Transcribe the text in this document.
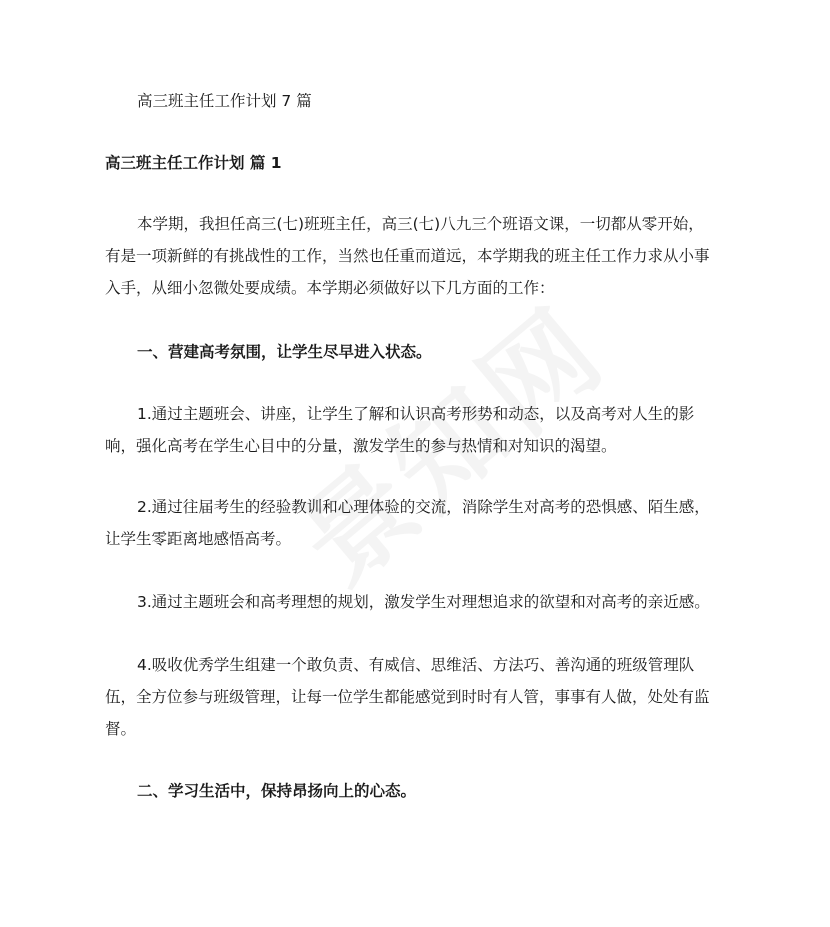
高三班主任工作计划 7 篇
高三班主任工作计划 篇 1
本学期，我担任高三(七)班班主任，高三(七)八九三个班语文课，一切都从零开始，
有是一项新鲜的有挑战性的工作，当然也任重而道远，本学期我的班主任工作力求从小事
入手，从细小忽微处要成绩。本学期必须做好以下几方面的工作：
一、营建高考氛围，让学生尽早进入状态。
1.通过主题班会、讲座，让学生了解和认识高考形势和动态，以及高考对人生的影
响，强化高考在学生心目中的分量，激发学生的参与热情和对知识的渴望。
2.通过往届考生的经验教训和心理体验的交流，消除学生对高考的恐惧感、陌生感，
让学生零距离地感悟高考。
3.通过主题班会和高考理想的规划，激发学生对理想追求的欲望和对高考的亲近感。
4.吸收优秀学生组建一个敢负责、有威信、思维活、方法巧、善沟通的班级管理队
伍，全方位参与班级管理，让每一位学生都能感觉到时时有人管，事事有人做，处处有监
督。
二、学习生活中，保持昂扬向上的心态。
